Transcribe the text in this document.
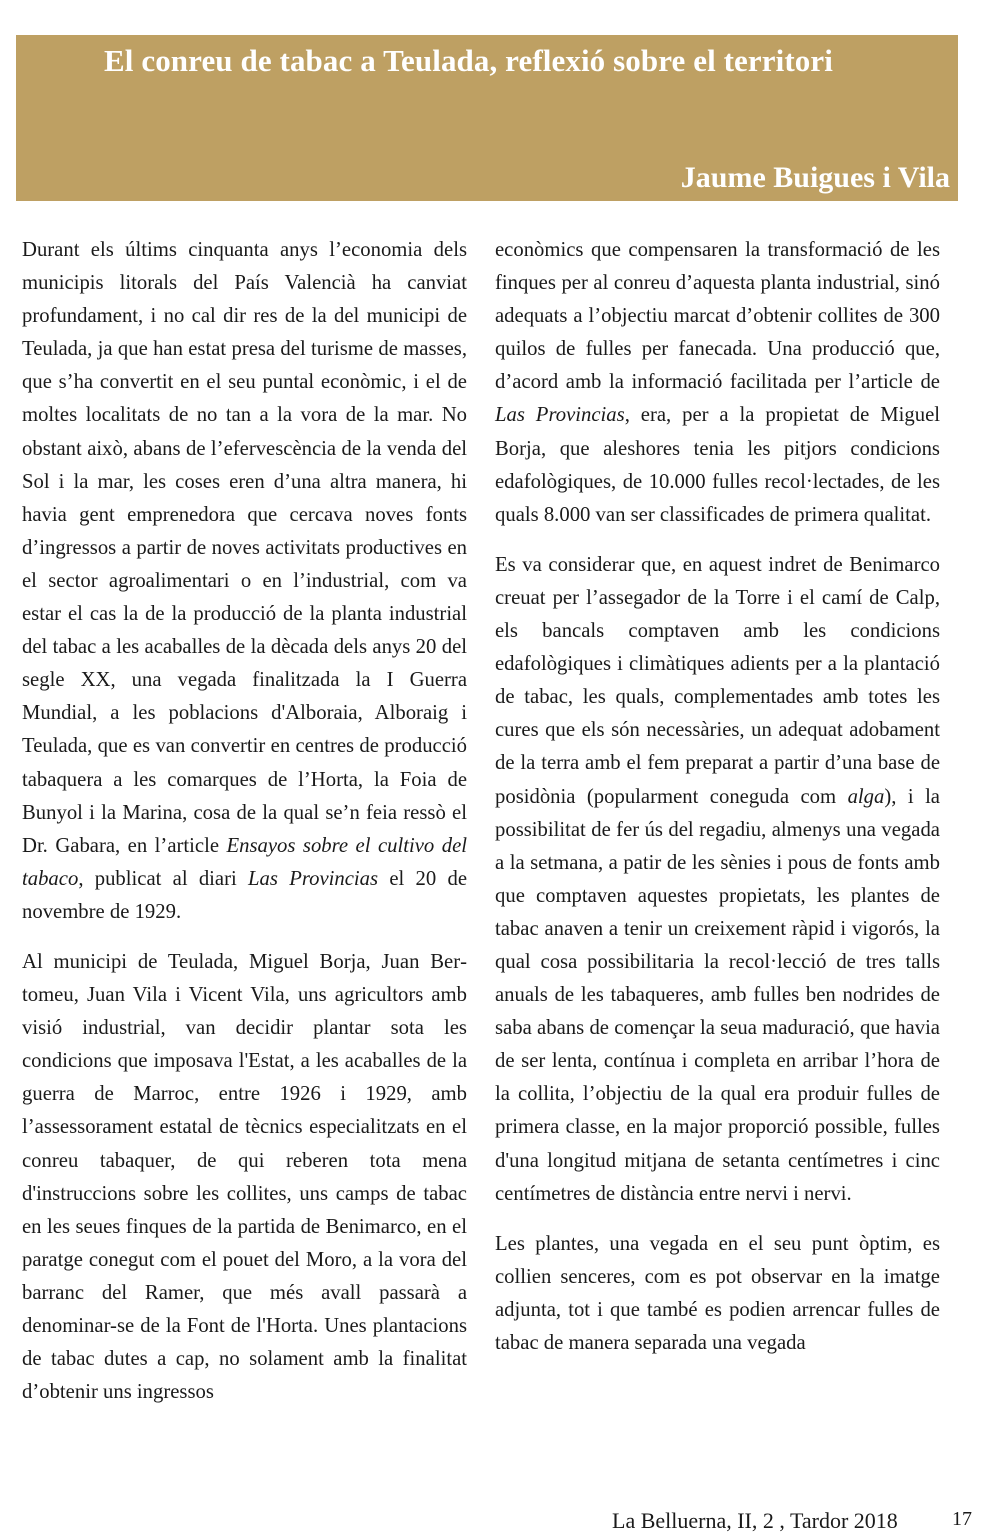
El conreu de tabac a Teulada, reflexió sobre el territori
Jaume Buigues i Vila

Durant els últims cinquanta anys l’economia dels municipis litorals del País Valencià ha canviat profundament, i no cal dir res de la del municipi de Teulada, ja que han estat presa del turisme de masses, que s’ha convertit en el seu puntal econòmic, i el de moltes localitats de no tan a la vora de la mar. No obstant això, abans de l’efervescència de la venda del Sol i la mar, les coses eren d’una altra manera, hi havia gent emprenedora que cercava noves fonts d’ingressos a partir de noves activitats productives en el sector agroalimentari o en l’industrial, com va estar el cas la de la producció de la planta industrial del tabac a les acaballes de la dècada dels anys 20 del segle XX, una vegada finalitzada la I Guerra Mundial, a les poblacions d'Alboraia, Alboraig i Teulada, que es van convertir en centres de producció tabaquera a les comarques de l’Horta, la Foia de Bunyol i la Marina, cosa de la qual se’n feia ressò el Dr. Gabara, en l’article Ensayos sobre el cultivo del tabaco, publicat al diari Las Provincias el 20 de novembre de 1929.

Al municipi de Teulada, Miguel Borja, Juan Bertomeu, Juan Vila i Vicent Vila, uns agricultors amb visió industrial, van decidir plantar sota les condicions que imposava l'Estat, a les acaballes de la guerra de Marroc, entre 1926 i 1929, amb l’assessorament estatal de tècnics especialitzats en el conreu tabaquer, de qui reberen tota mena d'instruccions sobre les collites, uns camps de tabac en les seues finques de la partida de Benimarco, en el paratge conegut com el pouet del Moro, a la vora del barranc del Ramer, que més avall passarà a denominar-se de la Font de l'Horta. Unes plantacions de tabac dutes a cap, no solament amb la finalitat d’obtenir uns ingressos

econòmics que compensaren la transformació de les finques per al conreu d’aquesta planta industrial, sinó adequats a l’objectiu marcat d’obtenir collites de 300 quilos de fulles per fanecada. Una producció que, d’acord amb la informació facilitada per l’article de Las Provincias, era, per a la propietat de Miguel Borja, que aleshores tenia les pitjors condicions edafològiques, de 10.000 fulles recol·lectades, de les quals 8.000 van ser classificades de primera qualitat.

Es va considerar que, en aquest indret de Benimarco creuat per l’assegador de la Torre i el camí de Calp, els bancals comptaven amb les condicions edafològiques i climàtiques adients per a la plantació de tabac, les quals, complementades amb totes les cures que els són necessàries, un adequat adobament de la terra amb el fem preparat a partir d’una base de posidònia (popularment coneguda com alga), i la possibilitat de fer ús del regadiu, almenys una vegada a la setmana, a patir de les sènies i pous de fonts amb que comptaven aquestes propietats, les plantes de tabac anaven a tenir un creixement ràpid i vigorós, la qual cosa possibilitaria la recol·lecció de tres talls anuals de les tabaqueres, amb fulles ben nodrides de saba abans de començar la seua maduració, que havia de ser lenta, contínua i completa en arribar l’hora de la collita, l’objectiu de la qual era produir fulles de primera classe, en la major proporció possible, fulles d'una longitud mitjana de setanta centímetres i cinc centímetres de distància entre nervi i nervi.

Les plantes, una vegada en el seu punt òptim, es collien senceres, com es pot observar en la imatge adjunta, tot i que també es podien arrencar fulles de tabac de manera separada una vegada

La Belluerna, II, 2 , Tardor 2018	17
